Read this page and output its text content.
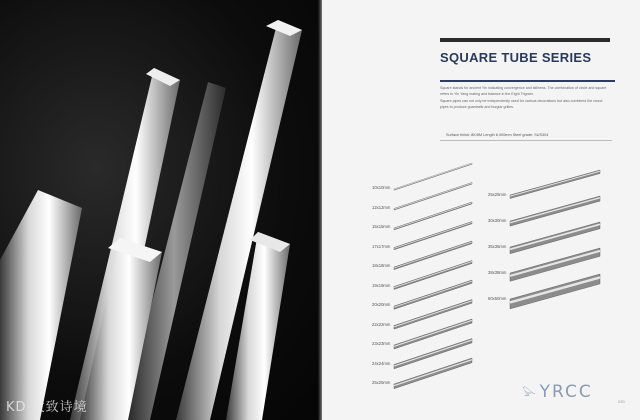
KD 大致诗境
SQUARE TUBE SERIES

Square stands for ancient Yin indicating convergence and stillness. The combination of circle and square refers to Yin Yang mating and balance in the Eight Trigram.

Square pipes can not only be independently used for various decorations but also combined the round pipes to produce guardrails and burglar grilles.

Surface finish: 8K/6M Length 6,000mm Steel grade: SUS304
10x10mm
12x12mm
15x15mm
17x17mm
18x18mm
19x19mm
20x20mm
22x22mm
23x23mm
24x24mm
25x25mm
25x25mm
30x30mm
35x35mm
38x38mm
50x50mm
𓅪 YRCC	030
